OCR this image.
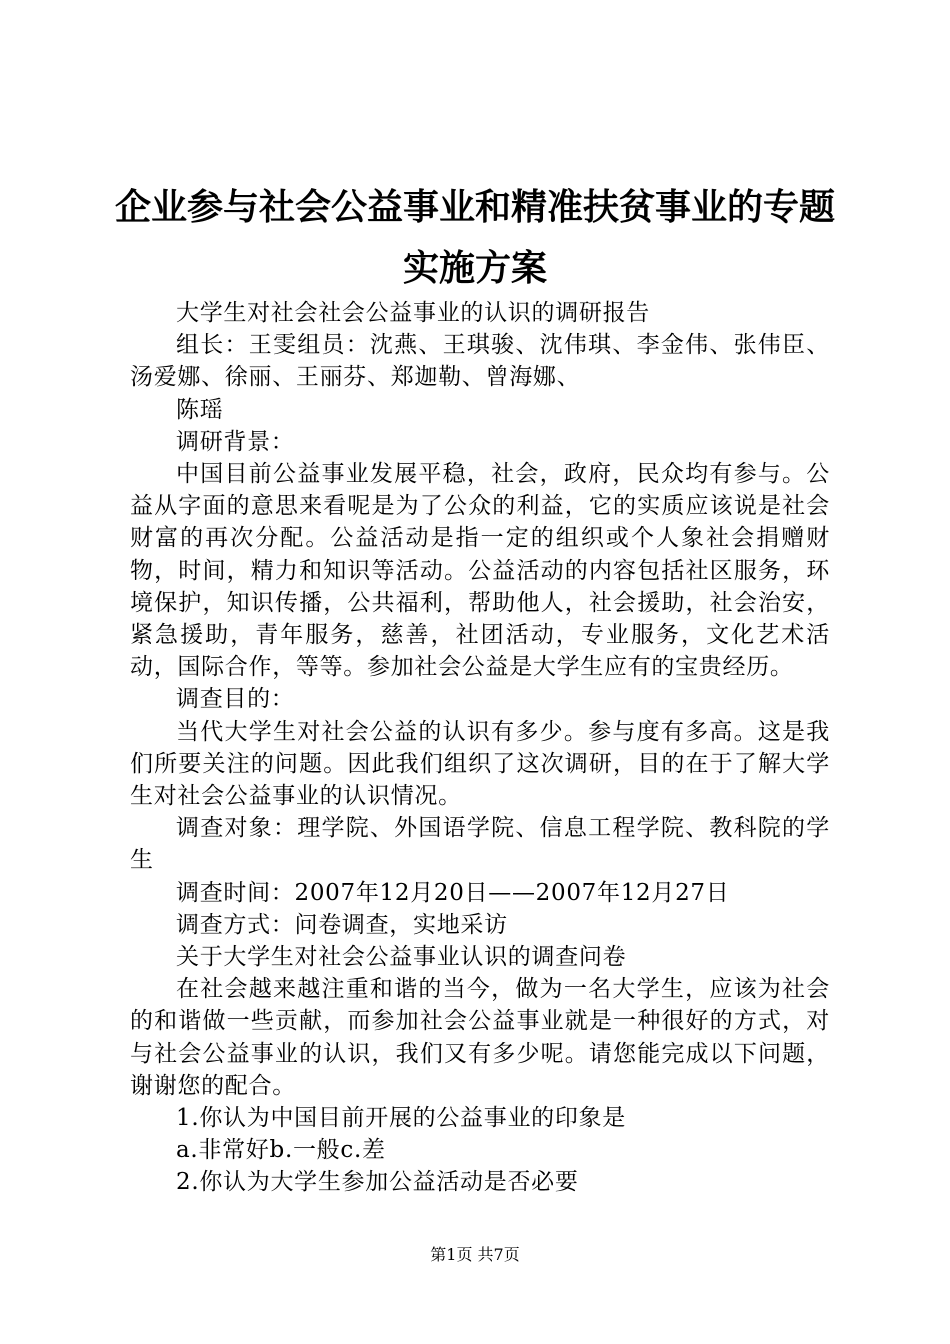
企业参与社会公益事业和精准扶贫事业的专题
实施方案

大学生对社会社会公益事业的认识的调研报告

组长：王雯组员：沈燕、王琪骏、沈伟琪、李金伟、张伟臣、汤爱娜、徐丽、王丽芬、郑迦勒、曾海娜、

陈瑶

调研背景：

中国目前公益事业发展平稳，社会，政府，民众均有参与。公益从字面的意思来看呢是为了公众的利益，它的实质应该说是社会财富的再次分配。公益活动是指一定的组织或个人象社会捐赠财物，时间，精力和知识等活动。公益活动的内容包括社区服务，环境保护，知识传播，公共福利，帮助他人，社会援助，社会治安，紧急援助，青年服务，慈善，社团活动，专业服务，文化艺术活动，国际合作，等等。参加社会公益是大学生应有的宝贵经历。

调查目的：

当代大学生对社会公益的认识有多少。参与度有多高。这是我们所要关注的问题。因此我们组织了这次调研，目的在于了解大学生对社会公益事业的认识情况。

调查对象：理学院、外国语学院、信息工程学院、教科院的学生

调查时间：2007年12月20日——2007年12月27日

调查方式：问卷调查，实地采访

关于大学生对社会公益事业认识的调查问卷

在社会越来越注重和谐的当今，做为一名大学生，应该为社会的和谐做一些贡献，而参加社会公益事业就是一种很好的方式，对与社会公益事业的认识，我们又有多少呢。请您能完成以下问题，谢谢您的配合。

1.你认为中国目前开展的公益事业的印象是

a.非常好b.一般c.差

2.你认为大学生参加公益活动是否必要

第1页 共7页
